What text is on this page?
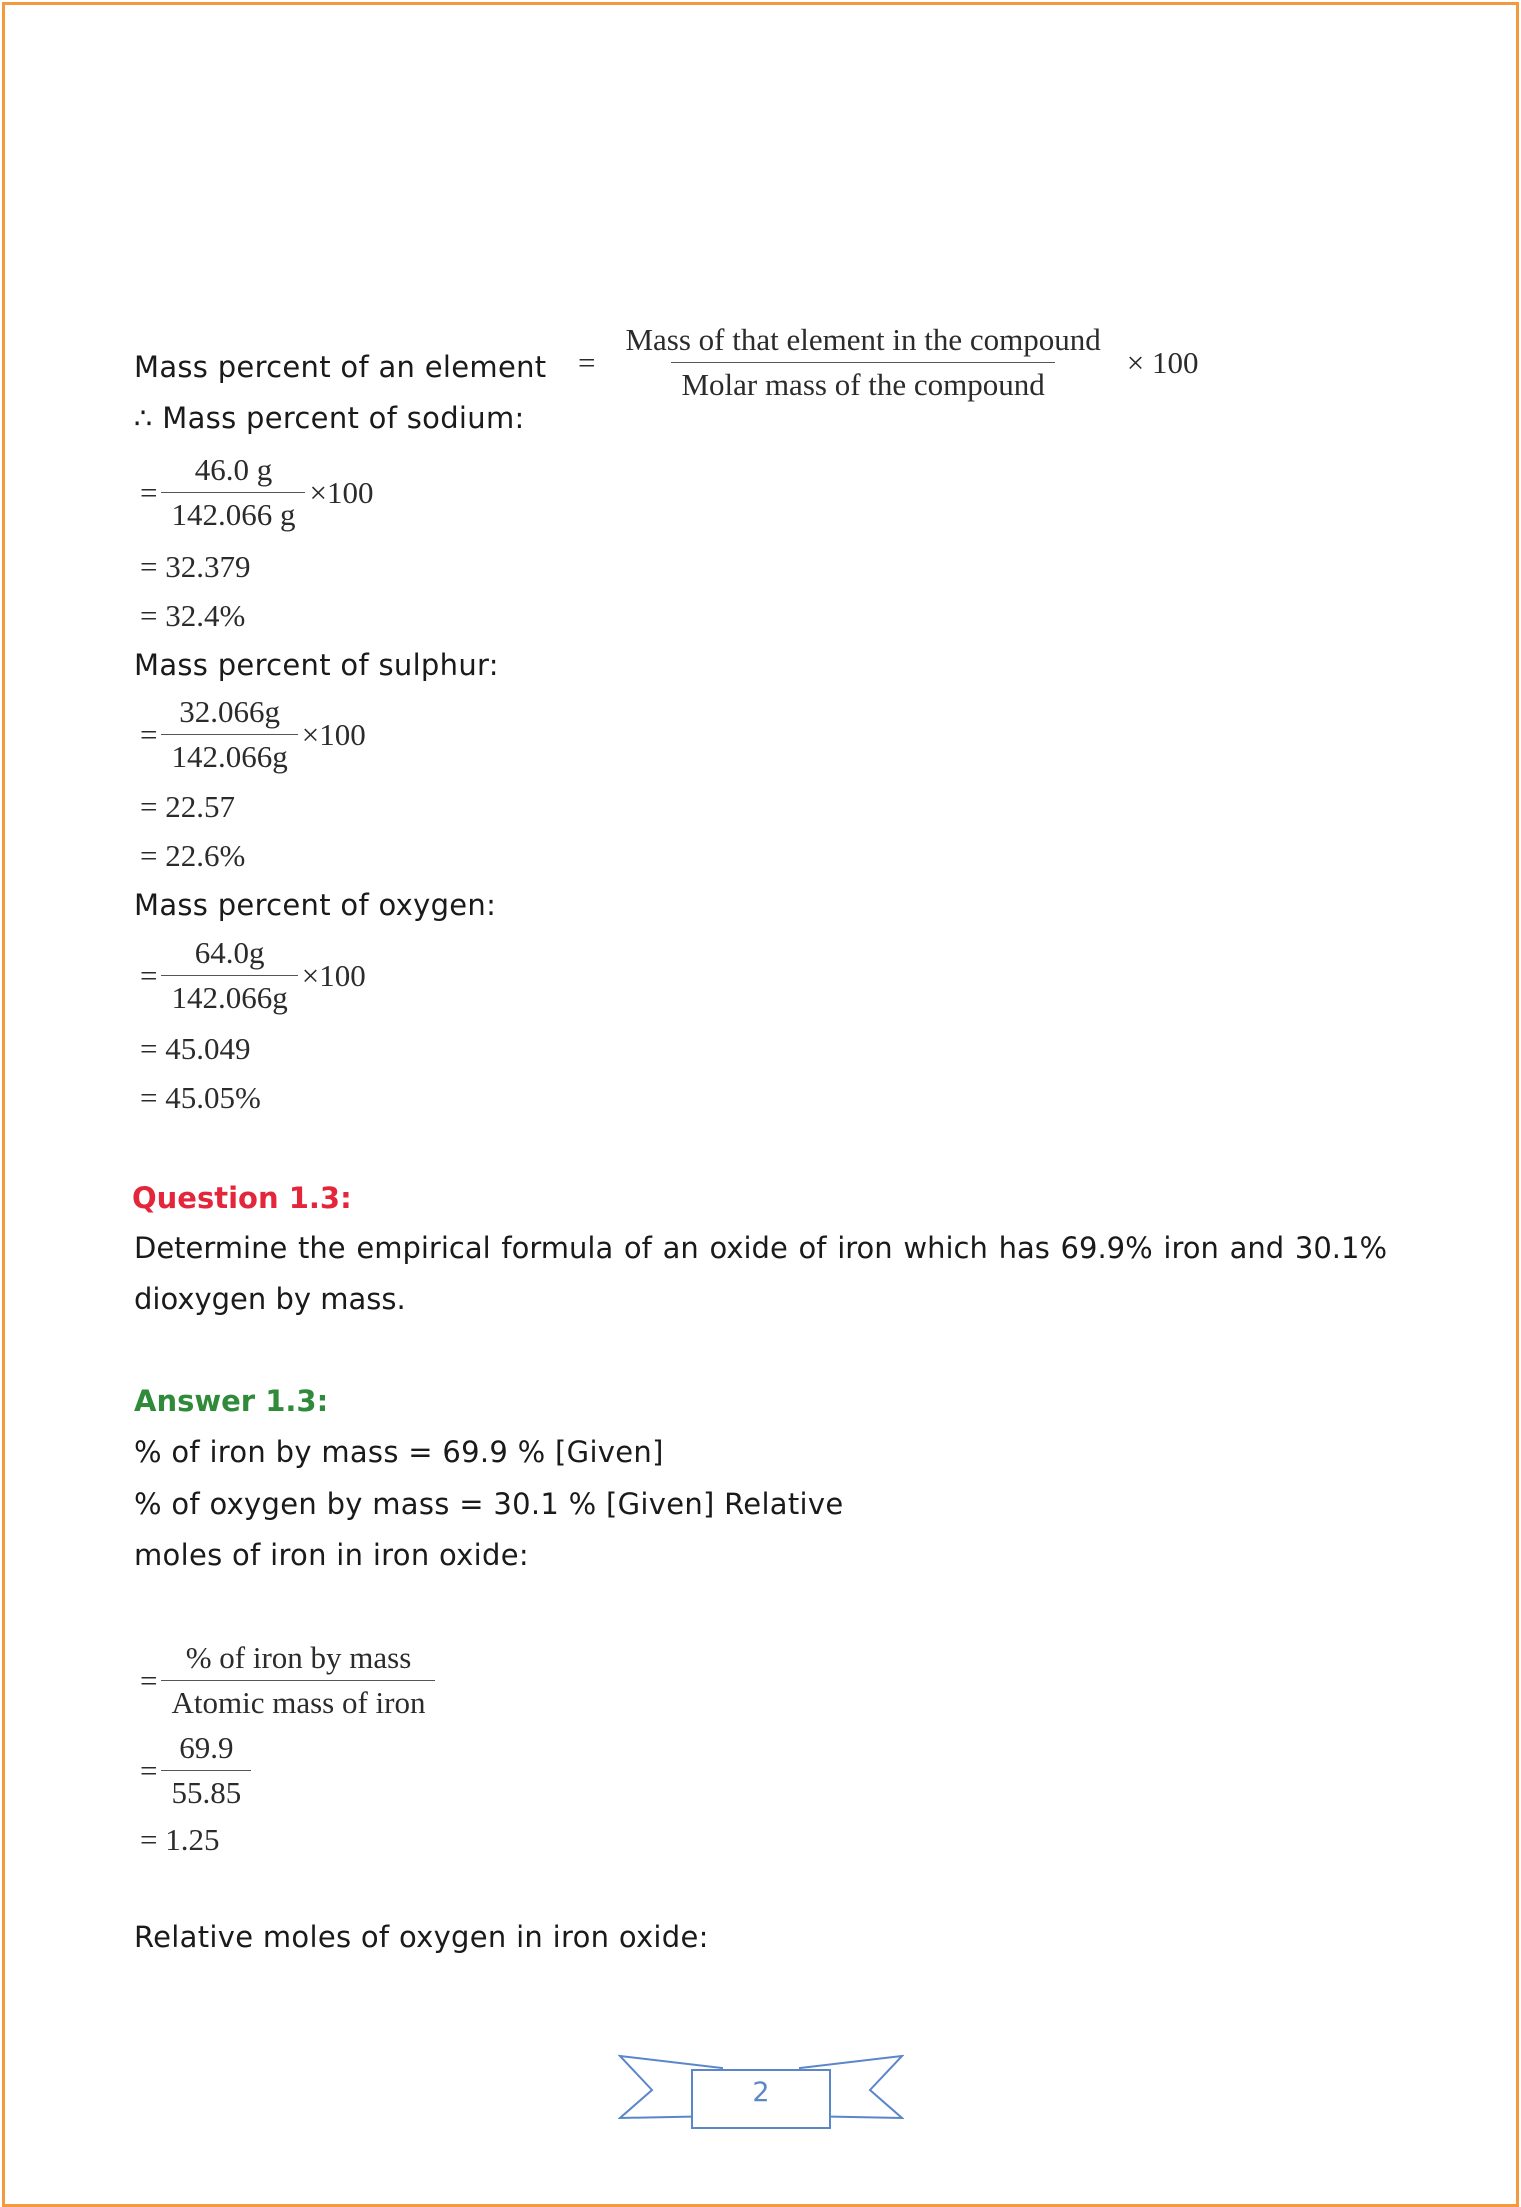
Mass percent of an element = $\frac{\text{Mass of that element in the compound}}{\text{Molar mass of the compound}} \times 100$
∴ Mass percent of sodium:
= $\frac{46.0 g}{142.066 g} \times 100$
= 32.379
= 32.4%
Mass percent of sulphur:
= $\frac{32.066g}{142.066g} \times 100$
= 22.57
= 22.6%
Mass percent of oxygen:
= $\frac{64.0g}{142.066g} \times 100$
= 45.049
= 45.05%
Question 1.3:
Determine the empirical formula of an oxide of iron which has 69.9% iron and 30.1% dioxygen by mass.
Answer 1.3:
% of iron by mass = 69.9 % [Given]
% of oxygen by mass = 30.1 % [Given] Relative
moles of iron in iron oxide:
= $\frac{\text{\% of iron by mass}}{\text{Atomic mass of iron}}$
= $\frac{69.9}{55.85}$
= 1.25
Relative moles of oxygen in iron oxide:
2
